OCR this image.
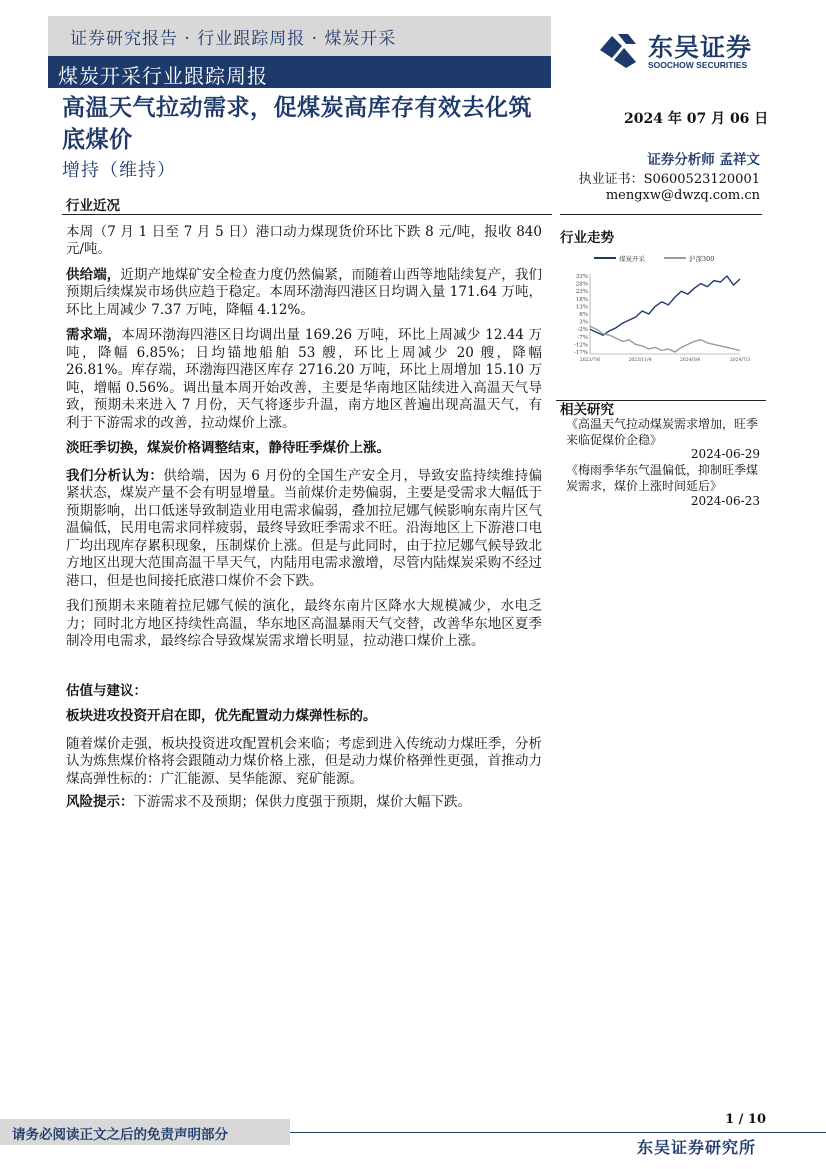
证券研究报告 · 行业跟踪周报 · 煤炭开采
煤炭开采行业跟踪周报
东吴证券
SOOCHOW SECURITIES
高温天气拉动需求，促煤炭高库存有效去化筑底煤价
增持（维持）
2024 年 07 月 06 日
证券分析师 孟祥文
执业证书：S0600523120001
mengxw@dwzq.com.cn

行业近况

本周（7 月 1 日至 7 月 5 日）港口动力煤现货价环比下跌 8 元/吨，报收 840 元/吨。

供给端，近期产地煤矿安全检查力度仍然偏紧，而随着山西等地陆续复产，我们预期后续煤炭市场供应趋于稳定。本周环渤海四港区日均调入量 171.64 万吨，环比上周减少 7.37 万吨，降幅 4.12%。

需求端，本周环渤海四港区日均调出量 169.26 万吨，环比上周减少 12.44 万吨，降幅 6.85%；日均锚地船舶 53 艘，环比上周减少 20 艘，降幅 26.81%。库存端，环渤海四港区库存 2716.20 万吨，环比上周增加 15.10 万吨，增幅 0.56%。调出量本周开始改善，主要是华南地区陆续进入高温天气导致，预期未来进入 7 月份，天气将逐步升温，南方地区普遍出现高温天气，有利于下游需求的改善，拉动煤价上涨。

淡旺季切换，煤炭价格调整结束，静待旺季煤价上涨。

我们分析认为：供给端，因为 6 月份的全国生产安全月，导致安监持续维持偏紧状态，煤炭产量不会有明显增量。当前煤价走势偏弱，主要是受需求大幅低于预期影响，出口低迷导致制造业用电需求偏弱，叠加拉尼娜气候影响东南片区气温偏低，民用电需求同样疲弱，最终导致旺季需求不旺。沿海地区上下游港口电厂均出现库存累积现象，压制煤价上涨。但是与此同时，由于拉尼娜气候导致北方地区出现大范围高温干旱天气，内陆用电需求激增，尽管内陆煤炭采购不经过港口，但是也间接托底港口煤价不会下跌。

我们预期未来随着拉尼娜气候的演化，最终东南片区降水大规模减少，水电乏力；同时北方地区持续性高温，华东地区高温暴雨天气交替，改善华东地区夏季制冷用电需求，最终综合导致煤炭需求增长明显，拉动港口煤价上涨。

估值与建议：

板块进攻投资开启在即，优先配置动力煤弹性标的。

随着煤价走强，板块投资进攻配置机会来临；考虑到进入传统动力煤旺季，分析认为炼焦煤价格将会跟随动力煤价格上涨，但是动力煤价格弹性更强，首推动力煤高弹性标的：广汇能源、昊华能源、兖矿能源。

风险提示：下游需求不及预期；保供力度强于预期，煤价大幅下跌。

行业走势
煤炭开采	沪深300
33%
28%
23%
18%
13%
8%
3%
-2%
-7%
-12%
-17%
2023/7/6	2023/11/4	2024/3/4	2024/7/3
相关研究
《高温天气拉动煤炭需求增加，旺季来临促煤价企稳》
2024-06-29
《梅雨季华东气温偏低，抑制旺季煤炭需求，煤价上涨时间延后》
2024-06-23
1 / 10
请务必阅读正文之后的免责声明部分
东吴证券研究所
